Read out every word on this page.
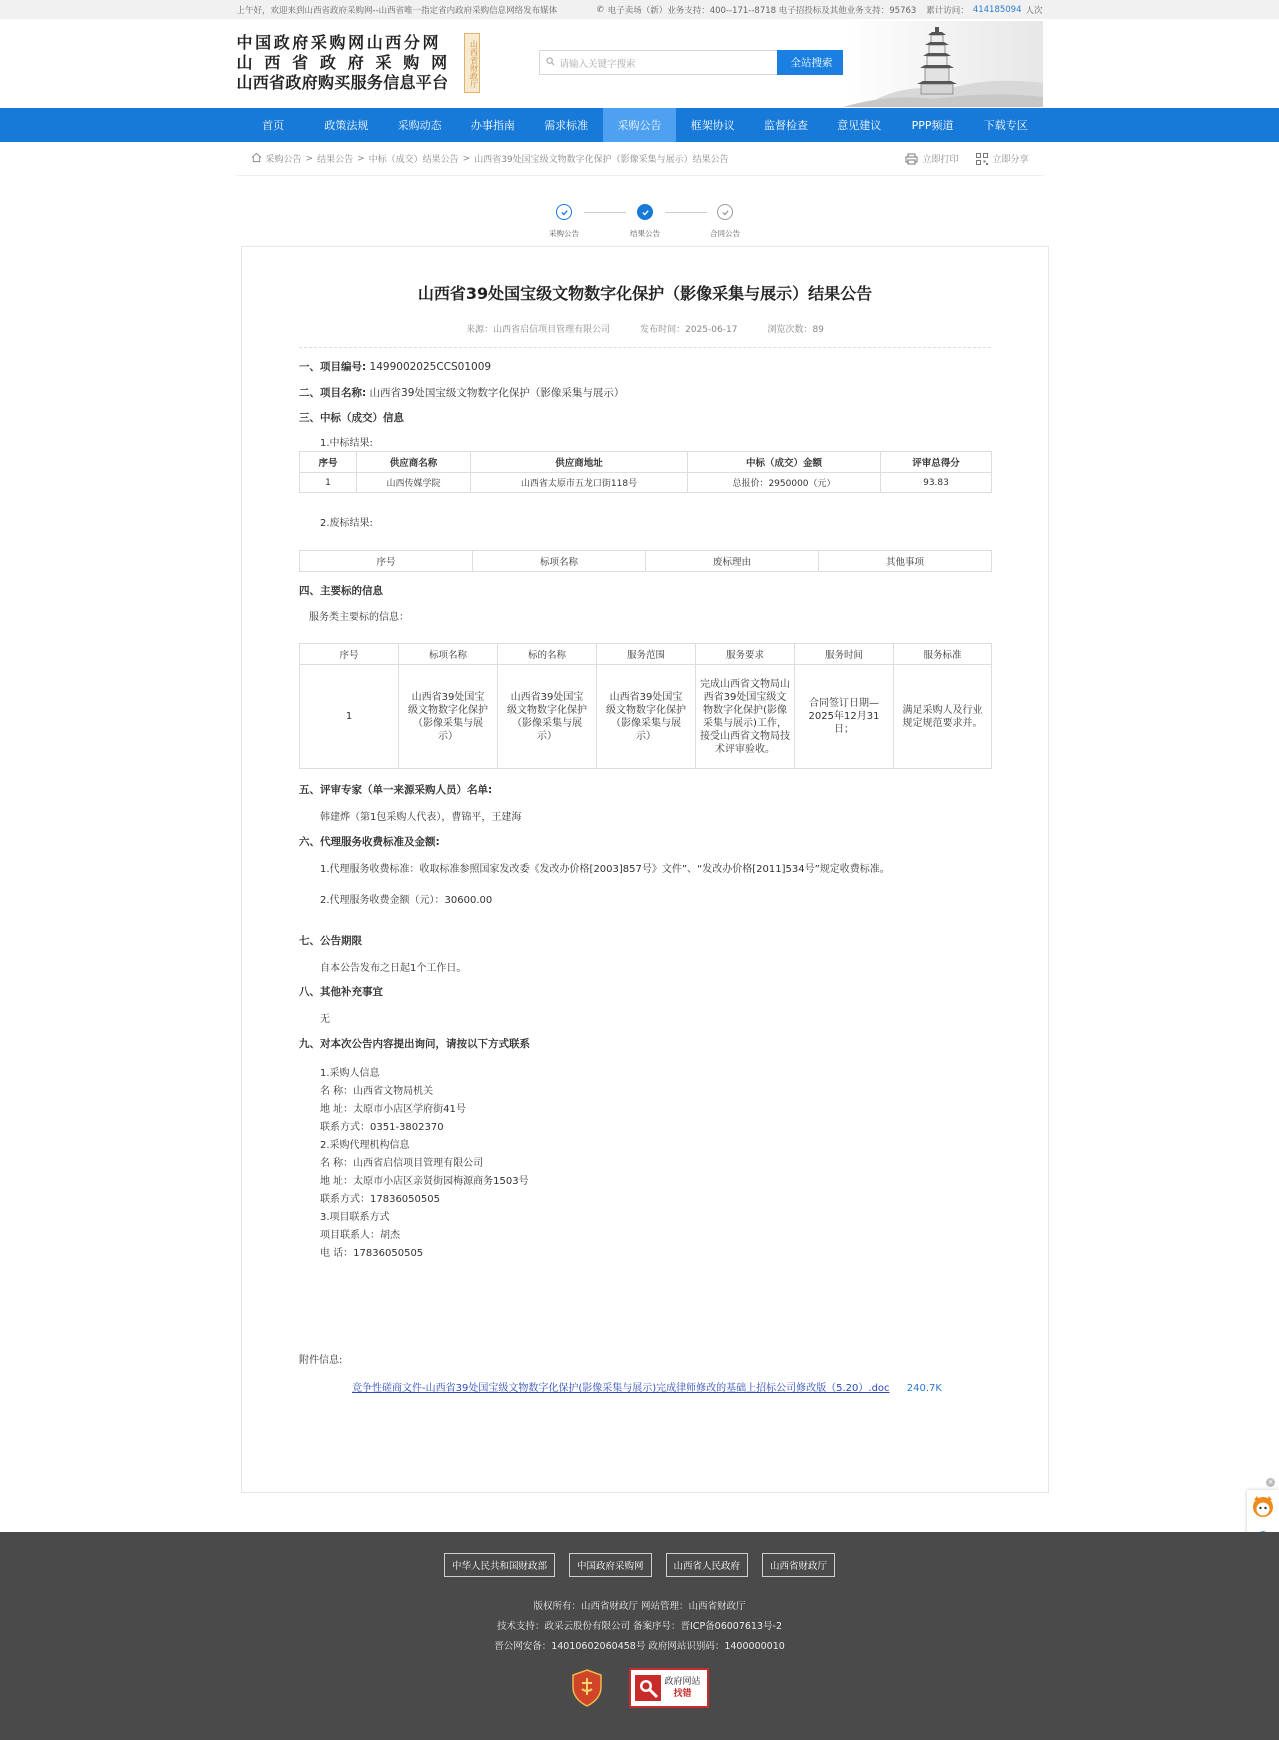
上午好，欢迎来到山西省政府采购网--山西省唯一指定省内政府采购信息网络发布媒体	✆ 电子卖场（新）业务支持：400--171--8718 电子招投标及其他业务支持：95763 累计访问： 414185094 人次
中国政府采购网山西分网
山西省政府采购网
山西省政府购买服务信息平台	山西省财政厅	请输入关键字搜索	全站搜索
首页	政策法规	采购动态	办事指南	需求标准	采购公告	框架协议	监督检查	意见建议	PPP频道	下载专区
采购公告 > 结果公告 > 中标（成交）结果公告 > 山西省39处国宝级文物数字化保护（影像采集与展示）结果公告	立即打印	立即分享
采购公告	结果公告	合同公告
山西省39处国宝级文物数字化保护（影像采集与展示）结果公告
来源：山西省启信项目管理有限公司	发布时间：2025-06-17	浏览次数：89
一、项目编号: 1499002025CCS01009
二、项目名称: 山西省39处国宝级文物数字化保护（影像采集与展示）
三、中标（成交）信息
1.中标结果:
序号	供应商名称	供应商地址	中标（成交）金额	评审总得分
1	山西传媒学院	山西省太原市五龙口街118号	总报价：2950000（元）	93.83
2.废标结果:
序号	标项名称	废标理由	其他事项
四、主要标的信息
服务类主要标的信息：
序号	标项名称	标的名称	服务范围	服务要求	服务时间	服务标准
1	山西省39处国宝级文物数字化保护（影像采集与展示）	山西省39处国宝级文物数字化保护（影像采集与展示）	山西省39处国宝级文物数字化保护（影像采集与展示）	完成山西省文物局山西省39处国宝级文物数字化保护(影像采集与展示)工作，接受山西省文物局技术评审验收。	合同签订日期—2025年12月31日；	满足采购人及行业规定规范要求并。
五、评审专家（单一来源采购人员）名单:
韩建烨（第1包采购人代表），曹锦平，王建海
六、代理服务收费标准及金额:
1.代理服务收费标准：收取标准参照国家发改委《发改办价格[2003]857号》文件”、“发改办价格[2011]534号”规定收费标准。
2.代理服务收费金额（元）：30600.00
七、公告期限
自本公告发布之日起1个工作日。
八、其他补充事宜
无
九、对本次公告内容提出询问，请按以下方式联系
1.采购人信息
名 称：山西省文物局机关
地 址：太原市小店区学府街41号
联系方式：0351-3802370
2.采购代理机构信息
名 称：山西省启信项目管理有限公司
地 址：太原市小店区亲贤街园梅源商务1503号
联系方式：17836050505
3.项目联系方式
项目联系人：胡杰
电 话：17836050505
附件信息:
竞争性磋商文件-山西省39处国宝级文物数字化保护(影像采集与展示)完成律师修改的基础上招标公司修改版（5.20）.doc 240.7K
×
中华人民共和国财政部	中国政府采购网	山西省人民政府	山西省财政厅
版权所有：山西省财政厅 网站管理：山西省财政厅
技术支持：政采云股份有限公司 备案序号：晋ICP备06007613号-2
晋公网安备：14010602060458号 政府网站识别码：1400000010
政府网站
找错
